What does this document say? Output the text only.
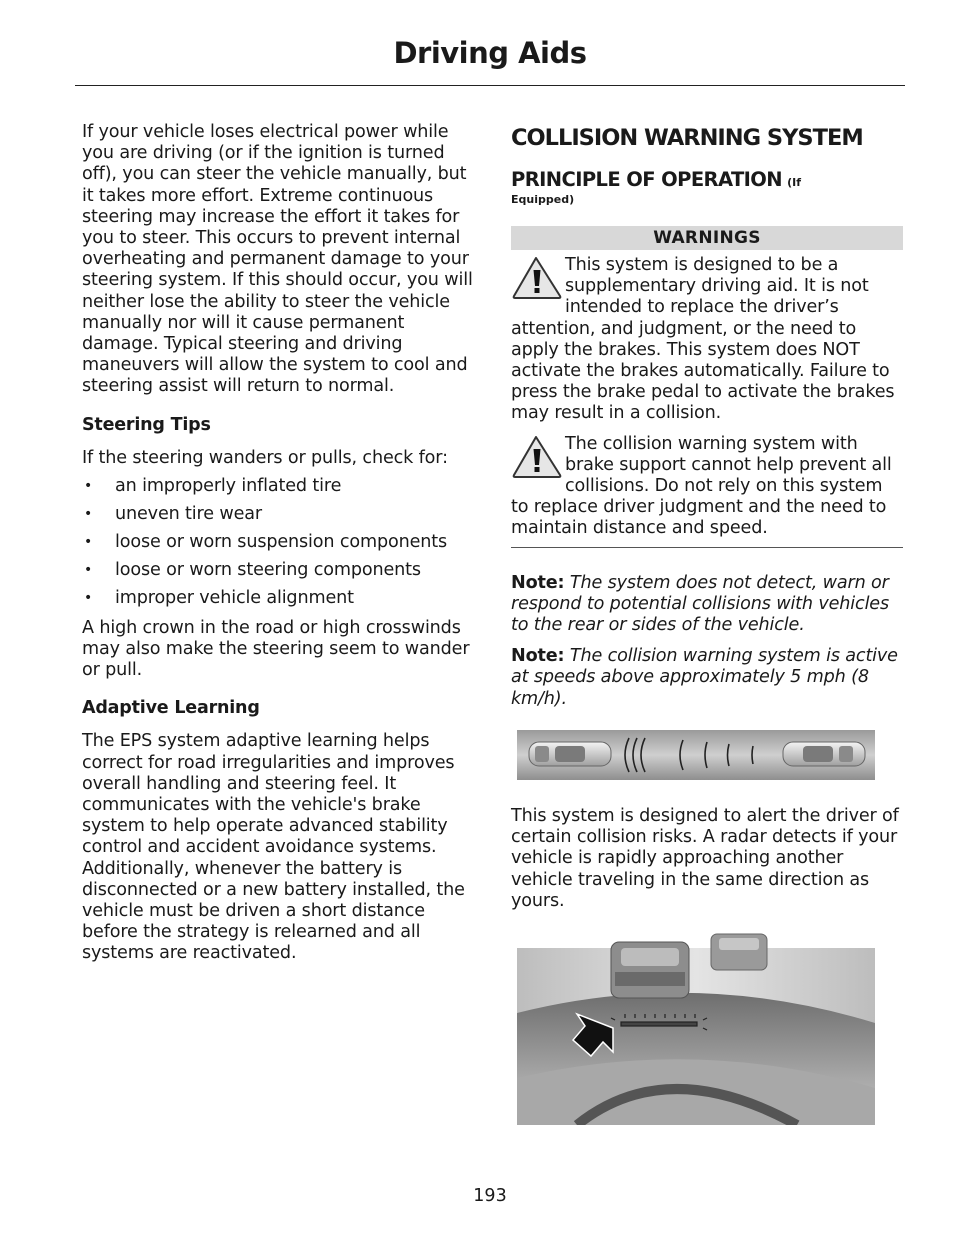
Driving Aids

If your vehicle loses electrical power while you are driving (or if the ignition is turned off), you can steer the vehicle manually, but it takes more effort. Extreme continuous steering may increase the effort it takes for you to steer. This occurs to prevent internal overheating and permanent damage to your steering system. If this should occur, you will neither lose the ability to steer the vehicle manually nor will it cause permanent damage. Typical steering and driving maneuvers will allow the system to cool and steering assist will return to normal.

Steering Tips

If the steering wanders or pulls, check for:

• an improperly inflated tire
• uneven tire wear
• loose or worn suspension components
• loose or worn steering components
• improper vehicle alignment

A high crown in the road or high crosswinds may also make the steering seem to wander or pull.

Adaptive Learning

The EPS system adaptive learning helps correct for road irregularities and improves overall handling and steering feel. It communicates with the vehicle's brake system to help operate advanced stability control and accident avoidance systems. Additionally, whenever the battery is disconnected or a new battery installed, the vehicle must be driven a short distance before the strategy is relearned and all systems are reactivated.

COLLISION WARNING SYSTEM
PRINCIPLE OF OPERATION (If
Equipped)
WARNINGS

This system is designed to be a supplementary driving aid. It is not intended to replace the driver’s attention, and judgment, or the need to apply the brakes. This system does NOT activate the brakes automatically. Failure to press the brake pedal to activate the brakes may result in a collision.

The collision warning system with brake support cannot help prevent all collisions. Do not rely on this system to replace driver judgment and the need to maintain distance and speed.

Note: The system does not detect, warn or respond to potential collisions with vehicles to the rear or sides of the vehicle.

Note: The collision warning system is active at speeds above approximately 5 mph (8 km/h).

This system is designed to alert the driver of certain collision risks. A radar detects if your vehicle is rapidly approaching another vehicle traveling in the same direction as yours.

193
